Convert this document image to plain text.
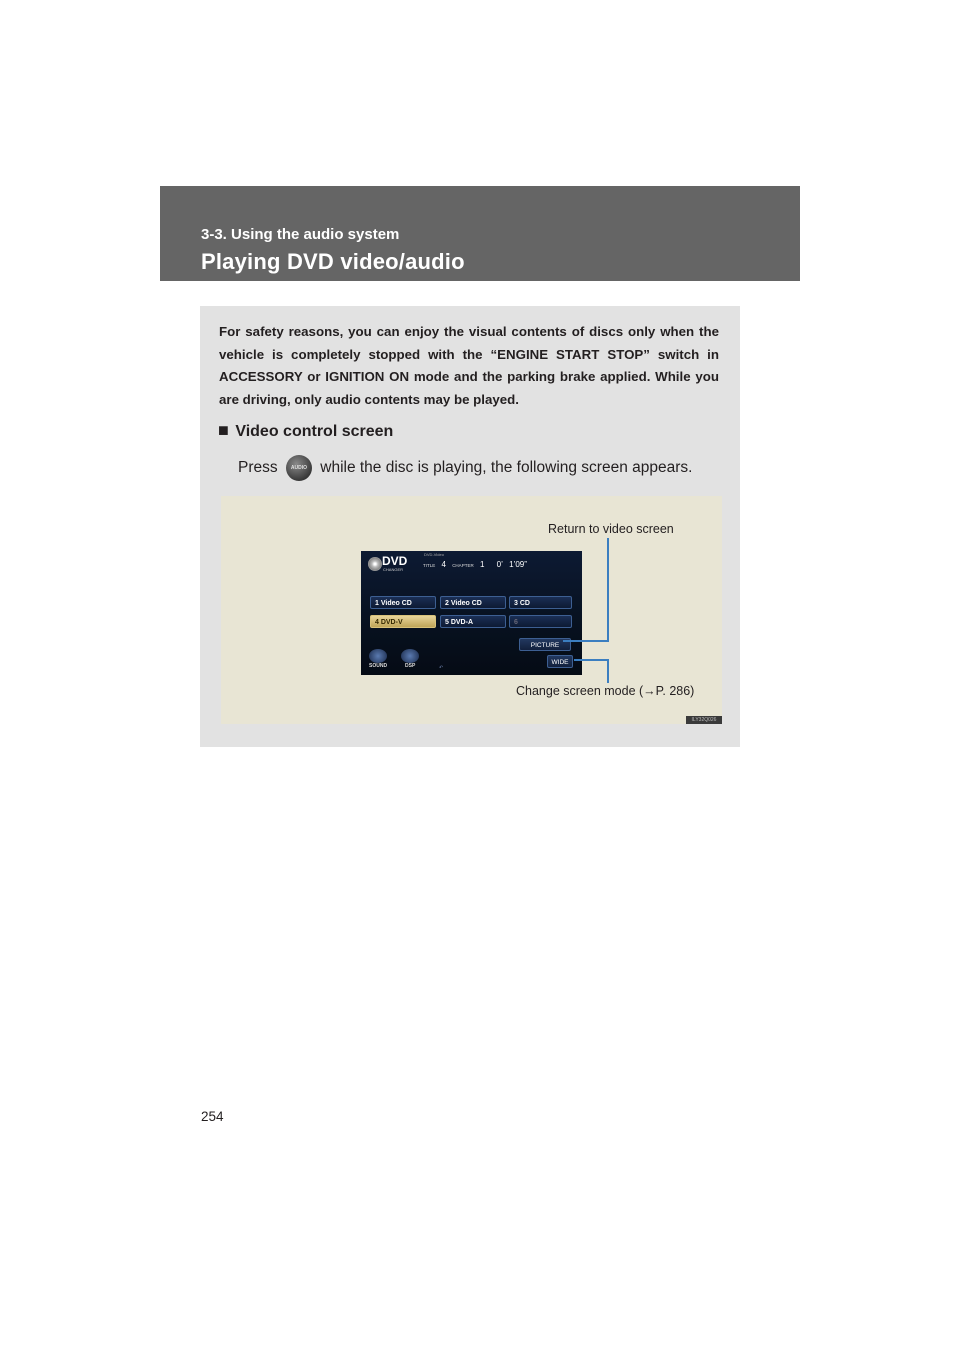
3-3. Using the audio system
Playing DVD video/audio
For safety reasons, you can enjoy the visual contents of discs only when the vehicle is completely stopped with the “ENGINE START STOP” switch in ACCESSORY or IGNITION ON mode and the parking brake applied. While you are driving, only audio contents may be played.
■ Video control screen
Press	AUDIO while the disc is playing, the following screen appears.
Return to video screen
Change screen mode (→P. 286)
DVD
CHANGER
DVD-Video
TITLE 4 CHAPTER 1 0’ 1’09”
1 Video CD	2 Video CD	3 CD
4 DVD-V	5 DVD-A	6
PICTURE
WIDE
SOUND	DSP	↶
ILY32Q026
254
